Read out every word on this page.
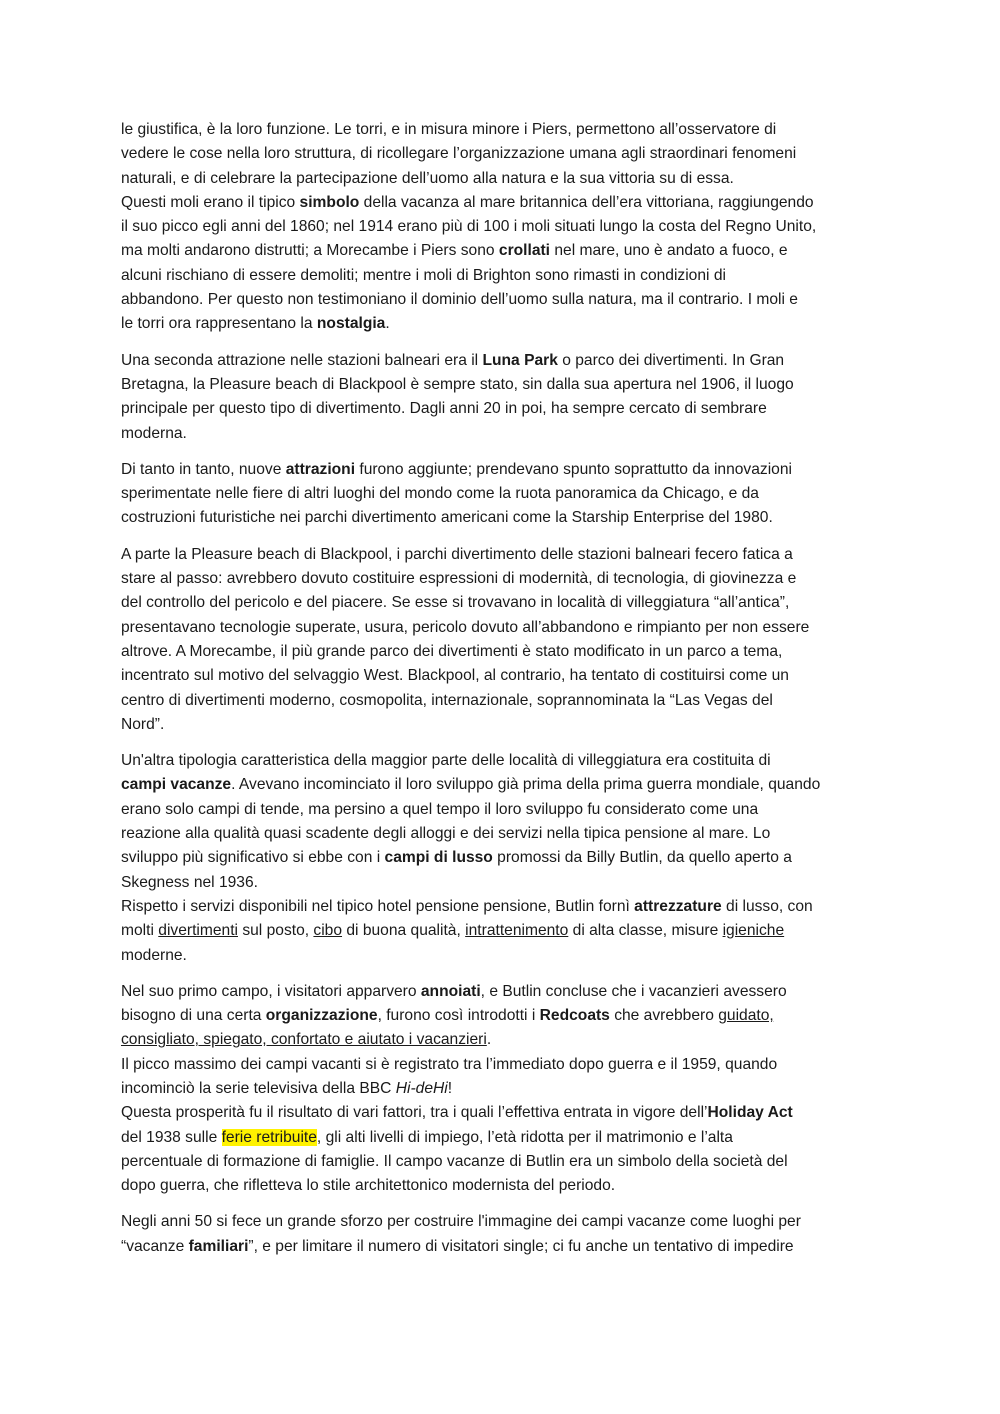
le giustifica, è la loro funzione. Le torri, e in misura minore i Piers, permettono all’osservatore di
vedere le cose nella loro struttura, di ricollegare l’organizzazione umana agli straordinari fenomeni
naturali, e di celebrare la partecipazione dell’uomo alla natura e la sua vittoria su di essa.
Questi moli erano il tipico simbolo della vacanza al mare britannica dell’era vittoriana, raggiungendo
il suo picco egli anni del 1860; nel 1914 erano più di 100 i moli situati lungo la costa del Regno Unito,
ma molti andarono distrutti; a Morecambe i Piers sono crollati nel mare, uno è andato a fuoco, e
alcuni rischiano di essere demoliti; mentre i moli di Brighton sono rimasti in condizioni di
abbandono. Per questo non testimoniano il dominio dell’uomo sulla natura, ma il contrario. I moli e
le torri ora rappresentano la nostalgia.
Una seconda attrazione nelle stazioni balneari era il Luna Park o parco dei divertimenti. In Gran
Bretagna, la Pleasure beach di Blackpool è sempre stato, sin dalla sua apertura nel 1906, il luogo
principale per questo tipo di divertimento. Dagli anni 20 in poi, ha sempre cercato di sembrare
moderna.
Di tanto in tanto, nuove attrazioni furono aggiunte; prendevano spunto soprattutto da innovazioni
sperimentate nelle fiere di altri luoghi del mondo come la ruota panoramica da Chicago, e da
costruzioni futuristiche nei parchi divertimento americani come la Starship Enterprise del 1980.
A parte la Pleasure beach di Blackpool, i parchi divertimento delle stazioni balneari fecero fatica a
stare al passo: avrebbero dovuto costituire espressioni di modernità, di tecnologia, di giovinezza e
del controllo del pericolo e del piacere. Se esse si trovavano in località di villeggiatura “all’antica”,
presentavano tecnologie superate, usura, pericolo dovuto all’abbandono e rimpianto per non essere
altrove. A Morecambe, il più grande parco dei divertimenti è stato modificato in un parco a tema,
incentrato sul motivo del selvaggio West. Blackpool, al contrario, ha tentato di costituirsi come un
centro di divertimenti moderno, cosmopolita, internazionale, soprannominata la “Las Vegas del
Nord”.
Un'altra tipologia caratteristica della maggior parte delle località di villeggiatura era costituita di
campi vacanze. Avevano incominciato il loro sviluppo già prima della prima guerra mondiale, quando
erano solo campi di tende, ma persino a quel tempo il loro sviluppo fu considerato come una
reazione alla qualità quasi scadente degli alloggi e dei servizi nella tipica pensione al mare. Lo
sviluppo più significativo si ebbe con i campi di lusso promossi da Billy Butlin, da quello aperto a
Skegness nel 1936.
Rispetto i servizi disponibili nel tipico hotel pensione pensione, Butlin fornì attrezzature di lusso, con
molti divertimenti sul posto, cibo di buona qualità, intrattenimento di alta classe, misure igieniche
moderne.
Nel suo primo campo, i visitatori apparvero annoiati, e Butlin concluse che i vacanzieri avessero
bisogno di una certa organizzazione, furono così introdotti i Redcoats che avrebbero guidato,
consigliato, spiegato, confortato e aiutato i vacanzieri.
Il picco massimo dei campi vacanti si è registrato tra l’immediato dopo guerra e il 1959, quando
incominciò la serie televisiva della BBC Hi-deHi!
Questa prosperità fu il risultato di vari fattori, tra i quali l’effettiva entrata in vigore dell’Holiday Act
del 1938 sulle ferie retribuite, gli alti livelli di impiego, l’età ridotta per il matrimonio e l’alta
percentuale di formazione di famiglie. Il campo vacanze di Butlin era un simbolo della società del
dopo guerra, che rifletteva lo stile architettonico modernista del periodo.
Negli anni 50 si fece un grande sforzo per costruire l'immagine dei campi vacanze come luoghi per
“vacanze familiari”, e per limitare il numero di visitatori single; ci fu anche un tentativo di impedire
